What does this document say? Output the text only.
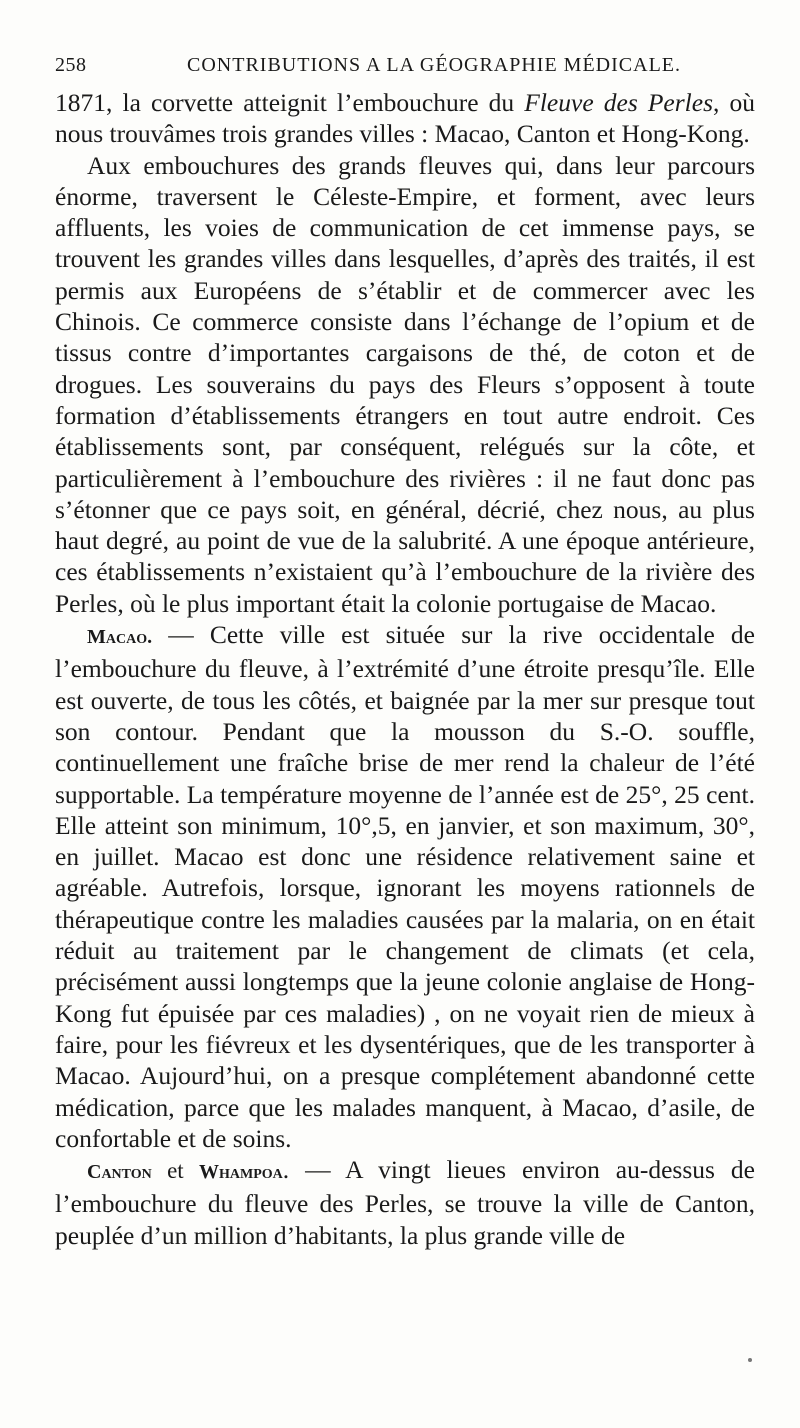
258	CONTRIBUTIONS A LA GÉOGRAPHIE MÉDICALE.

1871, la corvette atteignit l’embouchure du Fleuve des Perles, où nous trouvâmes trois grandes villes : Macao, Canton et Hong-Kong.

Aux embouchures des grands fleuves qui, dans leur parcours énorme, traversent le Céleste-Empire, et forment, avec leurs affluents, les voies de communication de cet immense pays, se trouvent les grandes villes dans lesquelles, d’après des traités, il est permis aux Européens de s’établir et de commercer avec les Chinois. Ce commerce consiste dans l’échange de l’opium et de tissus contre d’importantes cargaisons de thé, de coton et de drogues. Les souverains du pays des Fleurs s’opposent à toute formation d’établissements étrangers en tout autre endroit. Ces établissements sont, par conséquent, relégués sur la côte, et particulièrement à l’embouchure des rivières : il ne faut donc pas s’étonner que ce pays soit, en général, décrié, chez nous, au plus haut degré, au point de vue de la salubrité. A une époque antérieure, ces établissements n’existaient qu’à l’embouchure de la rivière des Perles, où le plus important était la colonie portugaise de Macao.

Macao. — Cette ville est située sur la rive occidentale de l’embouchure du fleuve, à l’extrémité d’une étroite presqu’île. Elle est ouverte, de tous les côtés, et baignée par la mer sur presque tout son contour. Pendant que la mousson du S.-O. souffle, continuellement une fraîche brise de mer rend la chaleur de l’été supportable. La température moyenne de l’année est de 25°, 25 cent. Elle atteint son minimum, 10°,5, en janvier, et son maximum, 30°, en juillet. Macao est donc une résidence relativement saine et agréable. Autrefois, lorsque, ignorant les moyens rationnels de thérapeutique contre les maladies causées par la malaria, on en était réduit au traitement par le changement de climats (et cela, précisément aussi longtemps que la jeune colonie anglaise de Hong-Kong fut épuisée par ces maladies) , on ne voyait rien de mieux à faire, pour les fiévreux et les dysentériques, que de les transporter à Macao. Aujourd’hui, on a presque complétement abandonné cette médication, parce que les malades manquent, à Macao, d’asile, de confortable et de soins.

Canton et Whampoa. — A vingt lieues environ au-dessus de l’embouchure du fleuve des Perles, se trouve la ville de Canton, peuplée d’un million d’habitants, la plus grande ville de
